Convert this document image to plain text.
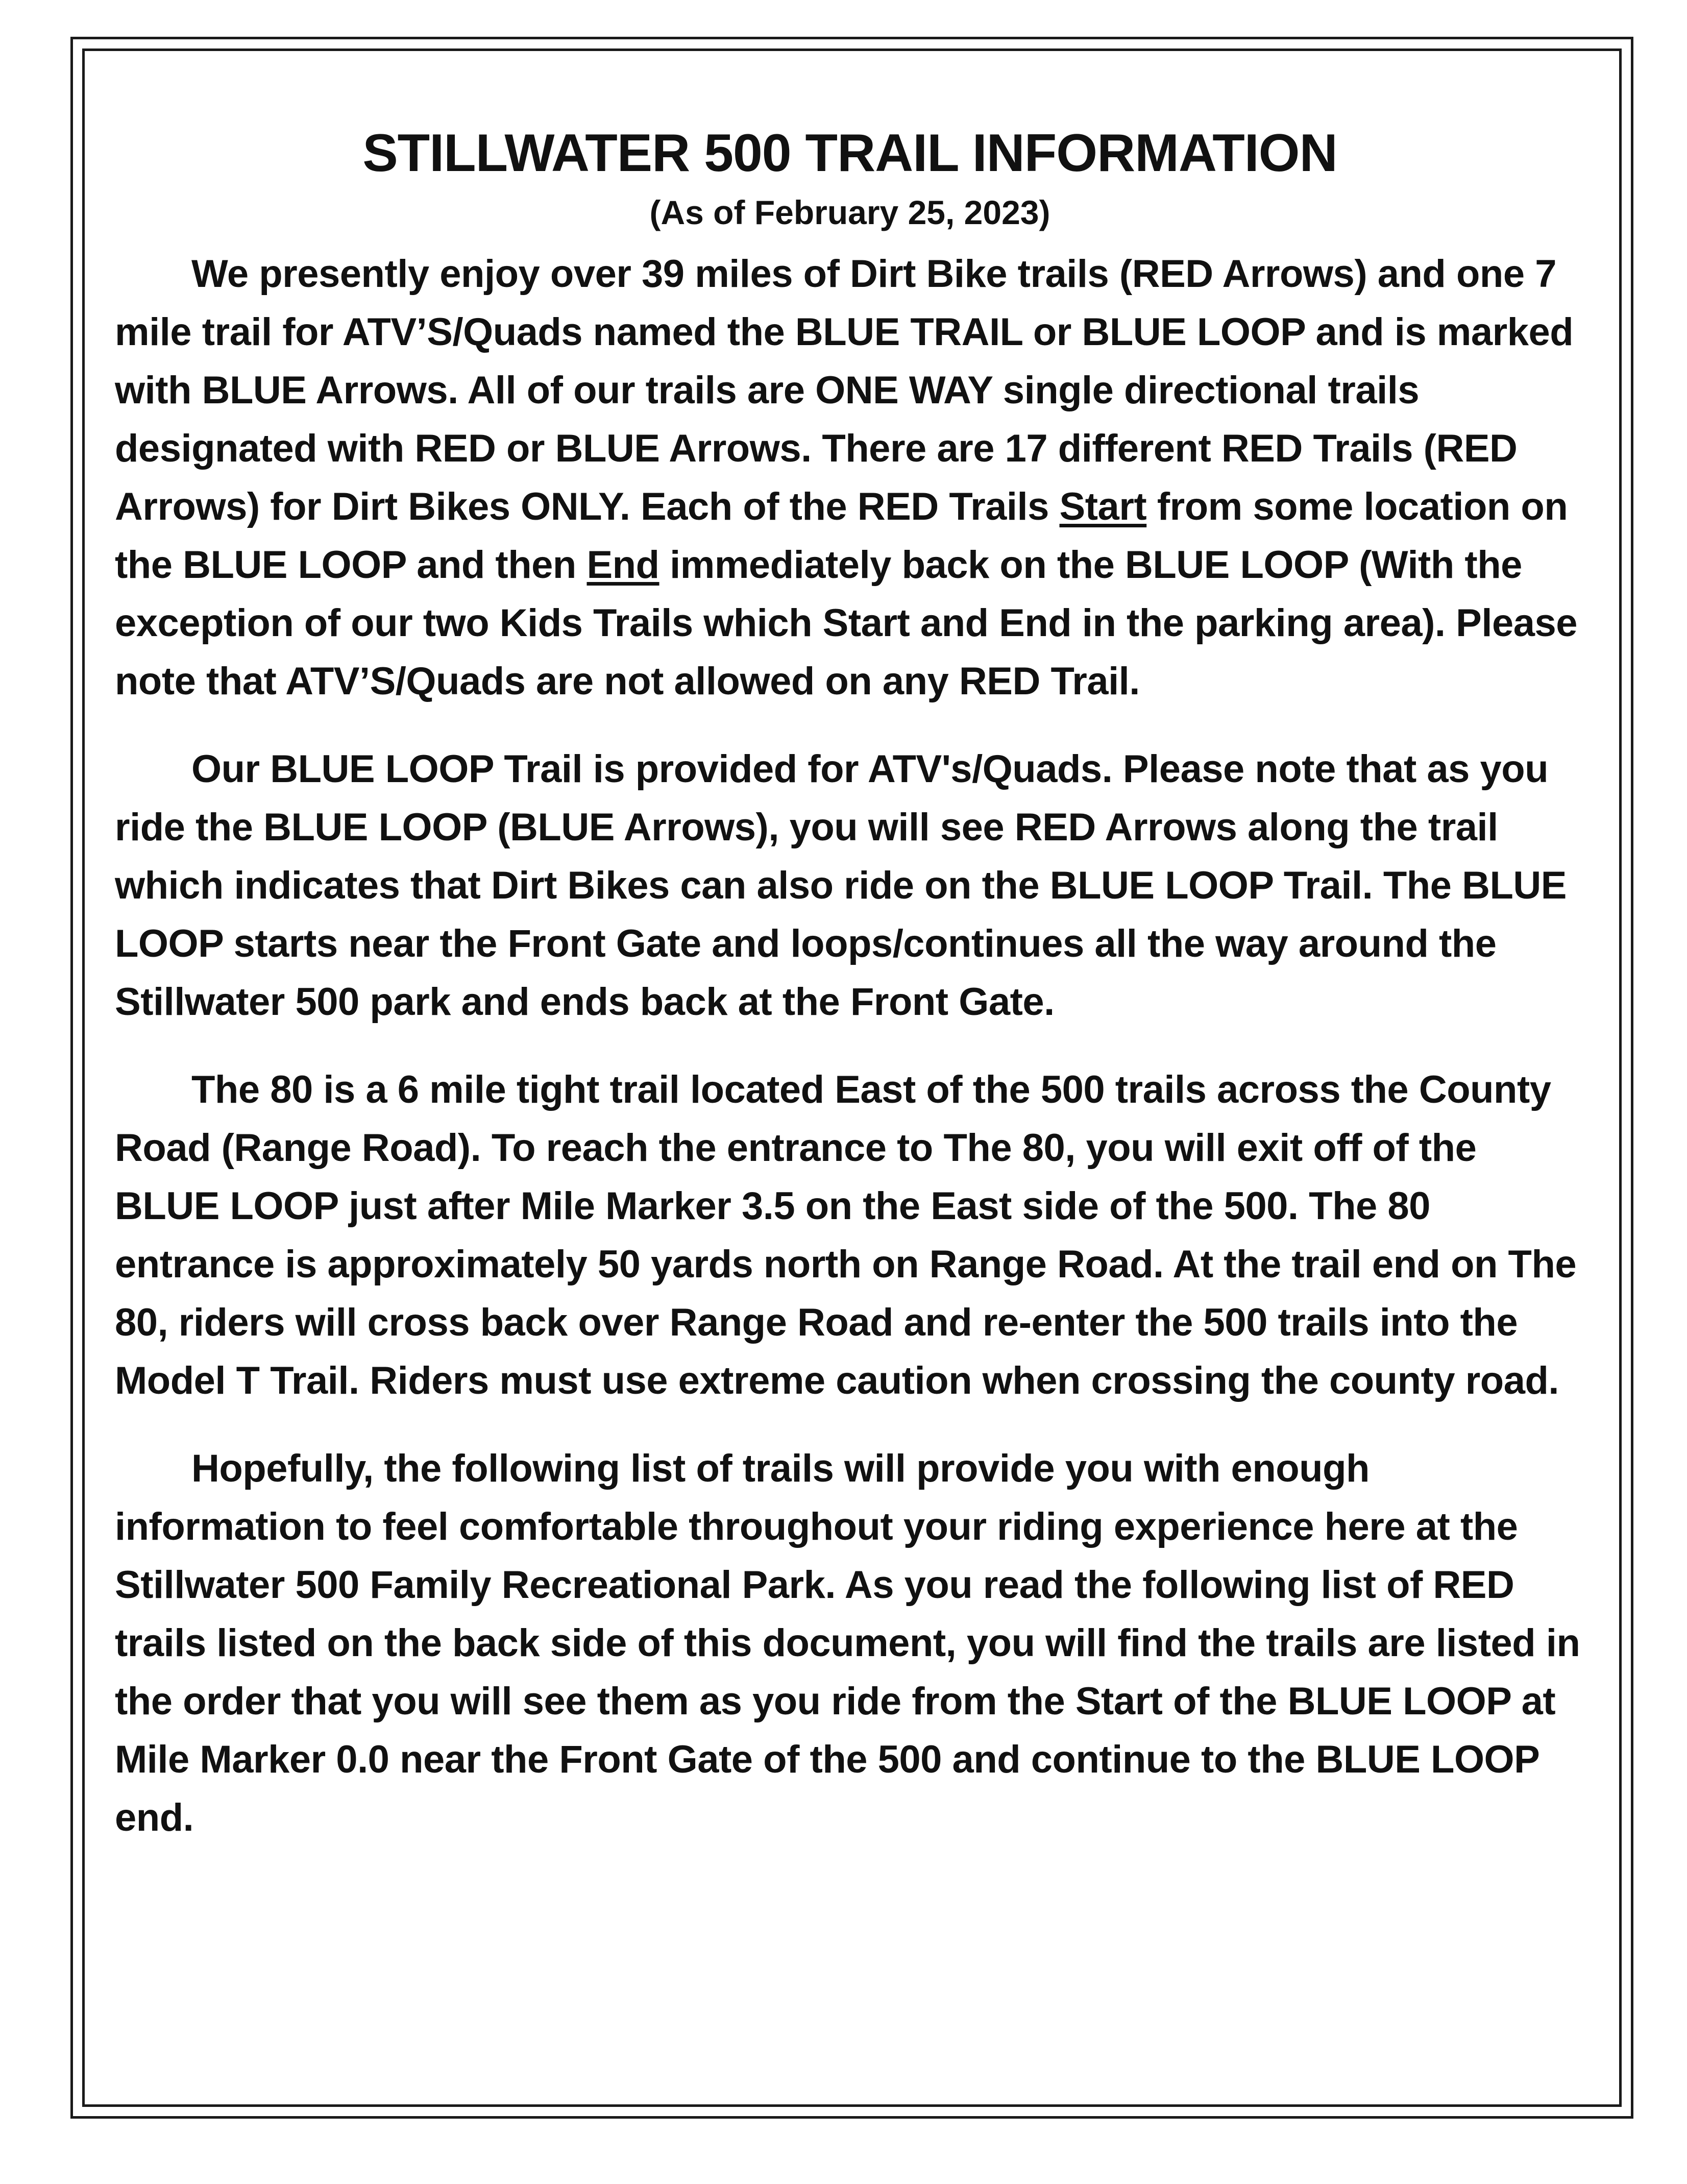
STILLWATER 500 TRAIL INFORMATION
(As of February 25, 2023)

We presently enjoy over 39 miles of Dirt Bike trails (RED Arrows) and one 7 mile trail for ATV’S/Quads named the BLUE TRAIL or BLUE LOOP and is marked with BLUE Arrows. All of our trails are ONE WAY single directional trails designated with RED or BLUE Arrows. There are 17 different RED Trails (RED Arrows) for Dirt Bikes ONLY. Each of the RED Trails Start from some location on the BLUE LOOP and then End immediately back on the BLUE LOOP (With the exception of our two Kids Trails which Start and End in the parking area). Please note that ATV’S/Quads are not allowed on any RED Trail.

Our BLUE LOOP Trail is provided for ATV's/Quads. Please note that as you ride the BLUE LOOP (BLUE Arrows), you will see RED Arrows along the trail which indicates that Dirt Bikes can also ride on the BLUE LOOP Trail. The BLUE LOOP starts near the Front Gate and loops/continues all the way around the Stillwater 500 park and ends back at the Front Gate.

The 80 is a 6 mile tight trail located East of the 500 trails across the County Road (Range Road). To reach the entrance to The 80, you will exit off of the BLUE LOOP just after Mile Marker 3.5 on the East side of the 500. The 80 entrance is approximately 50 yards north on Range Road. At the trail end on The 80, riders will cross back over Range Road and re-enter the 500 trails into the Model T Trail. Riders must use extreme caution when crossing the county road.

Hopefully, the following list of trails will provide you with enough information to feel comfortable throughout your riding experience here at the Stillwater 500 Family Recreational Park. As you read the following list of RED trails listed on the back side of this document, you will find the trails are listed in the order that you will see them as you ride from the Start of the BLUE LOOP at Mile Marker 0.0 near the Front Gate of the 500 and continue to the BLUE LOOP end.
